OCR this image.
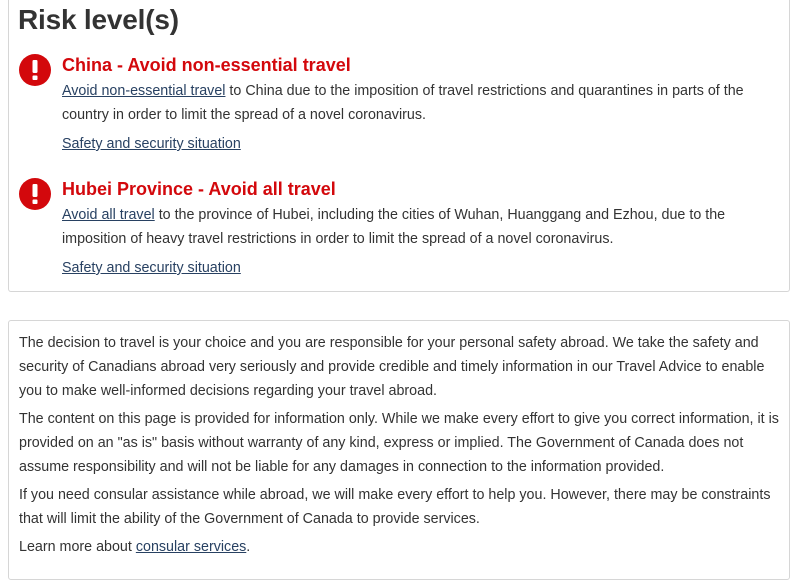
Risk level(s)
China - Avoid non-essential travel

Avoid non-essential travel to China due to the imposition of travel restrictions and quarantines in parts of the country in order to limit the spread of a novel coronavirus.

Safety and security situation
Hubei Province - Avoid all travel

Avoid all travel to the province of Hubei, including the cities of Wuhan, Huanggang and Ezhou, due to the imposition of heavy travel restrictions in order to limit the spread of a novel coronavirus.

Safety and security situation

The decision to travel is your choice and you are responsible for your personal safety abroad. We take the safety and security of Canadians abroad very seriously and provide credible and timely information in our Travel Advice to enable you to make well-informed decisions regarding your travel abroad.

The content on this page is provided for information only. While we make every effort to give you correct information, it is provided on an "as is" basis without warranty of any kind, express or implied. The Government of Canada does not assume responsibility and will not be liable for any damages in connection to the information provided.

If you need consular assistance while abroad, we will make every effort to help you. However, there may be constraints that will limit the ability of the Government of Canada to provide services.

Learn more about consular services.
